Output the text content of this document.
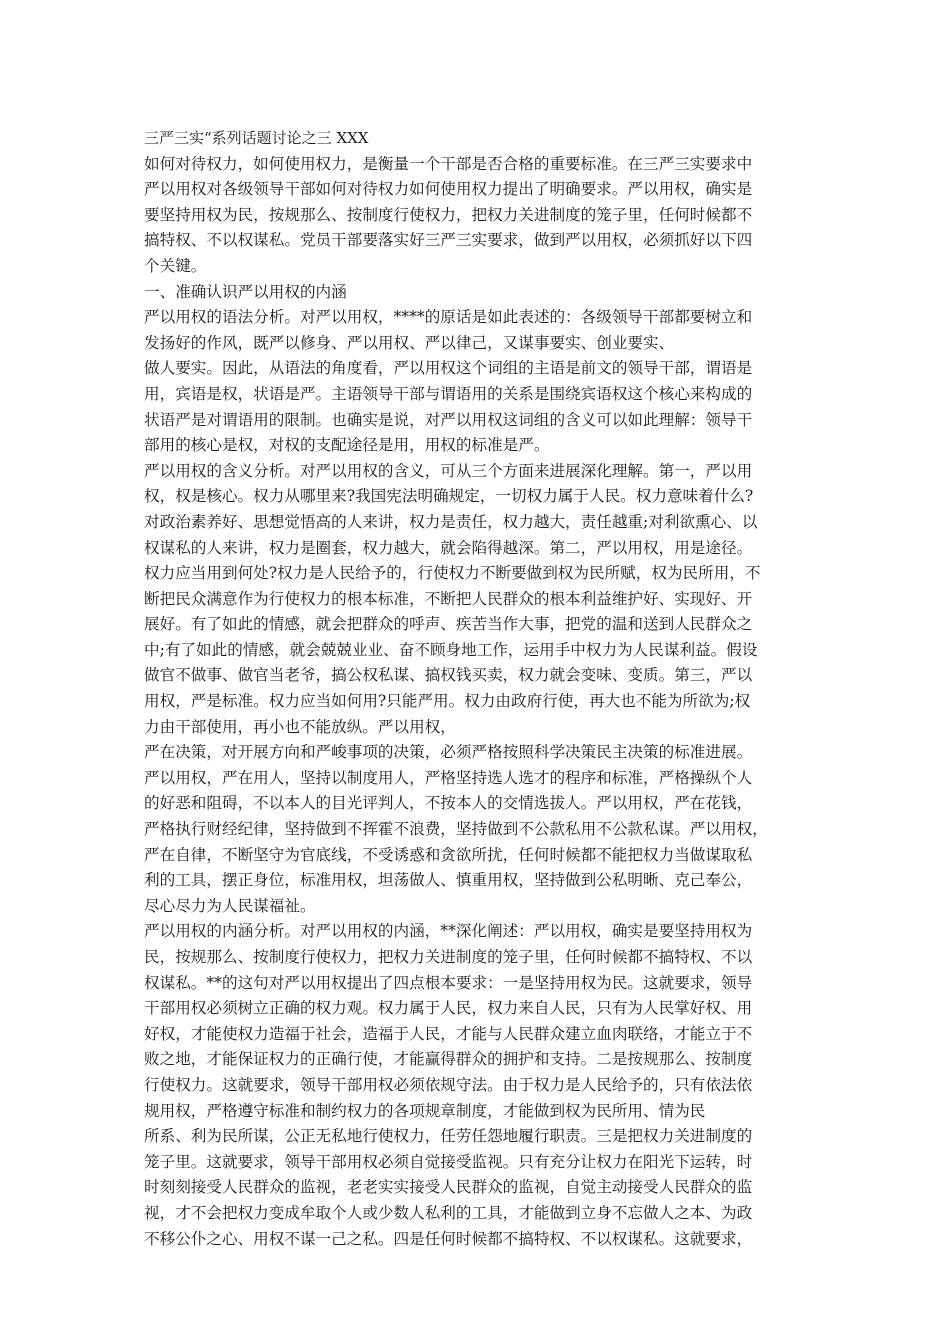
三严三实“系列话题讨论之三 XXX
如何对待权力，如何使用权力，是衡量一个干部是否合格的重要标准。在三严三实要求中
严以用权对各级领导干部如何对待权力如何使用权力提出了明确要求。严以用权，确实是
要坚持用权为民，按规那么、按制度行使权力，把权力关进制度的笼子里，任何时候都不
搞特权、不以权谋私。党员干部要落实好三严三实要求，做到严以用权，必须抓好以下四
个关键。
一、准确认识严以用权的内涵
严以用权的语法分析。对严以用权，****的原话是如此表述的：各级领导干部都要树立和
发扬好的作风，既严以修身、严以用权、严以律己，又谋事要实、创业要实、
做人要实。因此，从语法的角度看，严以用权这个词组的主语是前文的领导干部，谓语是
用，宾语是权，状语是严。主语领导干部与谓语用的关系是围绕宾语权这个核心来构成的
状语严是对谓语用的限制。也确实是说，对严以用权这词组的含义可以如此理解：领导干
部用的核心是权，对权的支配途径是用，用权的标准是严。
严以用权的含义分析。对严以用权的含义，可从三个方面来进展深化理解。第一，严以用
权，权是核心。权力从哪里来?我国宪法明确规定，一切权力属于人民。权力意味着什么?
对政治素养好、思想觉悟高的人来讲，权力是责任，权力越大，责任越重;对利欲熏心、以
权谋私的人来讲，权力是圈套，权力越大，就会陷得越深。第二，严以用权，用是途径。
权力应当用到何处?权力是人民给予的，行使权力不断要做到权为民所赋，权为民所用，不
断把民众满意作为行使权力的根本标准，不断把人民群众的根本利益维护好、实现好、开
展好。有了如此的情感，就会把群众的呼声、疾苦当作大事，把党的温和送到人民群众之
中;有了如此的情感，就会兢兢业业、奋不顾身地工作，运用手中权力为人民谋利益。假设
做官不做事、做官当老爷，搞公权私谋、搞权钱买卖，权力就会变味、变质。第三，严以
用权，严是标准。权力应当如何用?只能严用。权力由政府行使，再大也不能为所欲为;权
力由干部使用，再小也不能放纵。严以用权，
严在决策，对开展方向和严峻事项的决策，必须严格按照科学决策民主决策的标准进展。
严以用权，严在用人，坚持以制度用人，严格坚持选人选才的程序和标准，严格操纵个人
的好恶和阻碍，不以本人的目光评判人，不按本人的交情选拔人。严以用权，严在花钱，
严格执行财经纪律，坚持做到不挥霍不浪费，坚持做到不公款私用不公款私谋。严以用权，
严在自律，不断坚守为官底线，不受诱惑和贪欲所扰，任何时候都不能把权力当做谋取私
利的工具，摆正身位，标准用权，坦荡做人、慎重用权，坚持做到公私明晰、克己奉公，
尽心尽力为人民谋福祉。
严以用权的内涵分析。对严以用权的内涵，**深化阐述：严以用权，确实是要坚持用权为
民，按规那么、按制度行使权力，把权力关进制度的笼子里，任何时候都不搞特权、不以
权谋私。**的这句对严以用权提出了四点根本要求：一是坚持用权为民。这就要求，领导
干部用权必须树立正确的权力观。权力属于人民，权力来自人民，只有为人民掌好权、用
好权，才能使权力造福于社会，造福于人民，才能与人民群众建立血肉联络，才能立于不
败之地，才能保证权力的正确行使，才能赢得群众的拥护和支持。二是按规那么、按制度
行使权力。这就要求，领导干部用权必须依规守法。由于权力是人民给予的，只有依法依
规用权，严格遵守标准和制约权力的各项规章制度，才能做到权为民所用、情为民
所系、利为民所谋，公正无私地行使权力，任劳任怨地履行职责。三是把权力关进制度的
笼子里。这就要求，领导干部用权必须自觉接受监视。只有充分让权力在阳光下运转，时
时刻刻接受人民群众的监视，老老实实接受人民群众的监视，自觉主动接受人民群众的监
视，才不会把权力变成牟取个人或少数人私利的工具，才能做到立身不忘做人之本、为政
不移公仆之心、用权不谋一己之私。四是任何时候都不搞特权、不以权谋私。这就要求，
